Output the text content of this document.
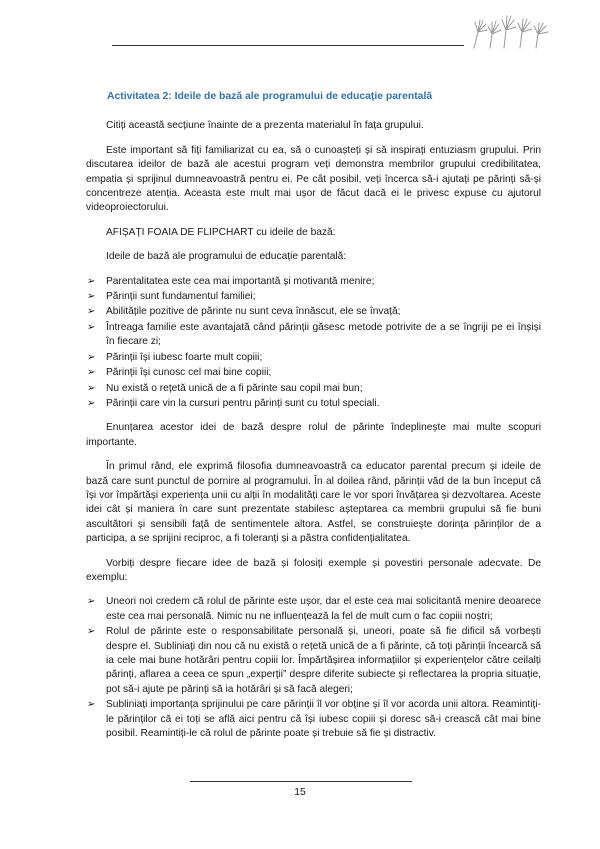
Activitatea 2: Ideile de bază ale programului de educație parentală

Citiți această secțiune înainte de a prezenta materialul în fața grupului.

Este important să fiți familiarizat cu ea, să o cunoașteți și să inspirați entuziasm grupului. Prin discutarea ideilor de bază ale acestui program veți demonstra membrilor grupului credibilitatea, empatia și sprijinul dumneavoastră pentru ei. Pe cât posibil, veți încerca să-i ajutați pe părinți să-și concentreze atenția. Aceasta este mult mai ușor de făcut dacă ei le privesc expuse cu ajutorul videoproiectorului.

AFIȘAȚI FOAIA DE FLIPCHART cu ideile de bază:

Ideile de bază ale programului de educație parentală:

➢ Parentalitatea este cea mai importantă și motivantă menire;
➢ Părinții sunt fundamentul familiei;
➢ Abilitățile pozitive de părinte nu sunt ceva înnăscut, ele se învață;
➢ Întreaga familie este avantajată când părinții găsesc metode potrivite de a se îngriji pe ei înșiși în fiecare zi;
➢ Părinții își iubesc foarte mult copiii;
➢ Părinții își cunosc cel mai bine copiii;
➢ Nu există o rețetă unică de a fi părinte sau copil mai bun;
➢ Părinții care vin la cursuri pentru părinți sunt cu totul speciali.

Enunțarea acestor idei de bază despre rolul de părinte îndeplinește mai multe scopuri importante.

În primul rând, ele exprimă filosofia dumneavoastră ca educator parental precum și ideile de bază care sunt punctul de pornire al programului. În al doilea rând, părinții văd de la bun început că își vor împărtăși experiența unii cu alții în modalități care le vor spori învățarea și dezvoltarea. Aceste idei cât și maniera în care sunt prezentate stabilesc așteptarea ca membrii grupului să fie buni ascultători și sensibili față de sentimentele altora. Astfel, se construiește dorința părinților de a participa, a se sprijini reciproc, a fi toleranți și a păstra confidențialitatea.

Vorbiți despre fiecare idee de bază și folosiți exemple și povestiri personale adecvate. De exemplu:

➢ Uneori noi credem că rolul de părinte este ușor, dar el este cea mai solicitantă menire deoarece este cea mai personală. Nimic nu ne influențează la fel de mult cum o fac copiii noștri;
➢ Rolul de părinte este o responsabilitate personală și, uneori, poate să fie dificil să vorbești despre el. Subliniați din nou că nu există o rețetă unică de a fi părinte, că toți părinții încearcă să ia cele mai bune hotărâri pentru copiii lor. Împărtășirea informațiilor și experiențelor către ceilalți părinți, aflarea a ceea ce spun „experții” despre diferite subiecte și reflectarea la propria situație, pot să-i ajute pe părinți să ia hotărâri și să facă alegeri;
➢ Subliniați importanța sprijinului pe care părinții îl vor obține și îl vor acorda unii altora. Reamintiți-le părinților că ei toți se află aici pentru că își iubesc copiii și doresc să-i crească cât mai bine posibil. Reamintiți-le că rolul de părinte poate și trebuie să fie și distractiv.
15
